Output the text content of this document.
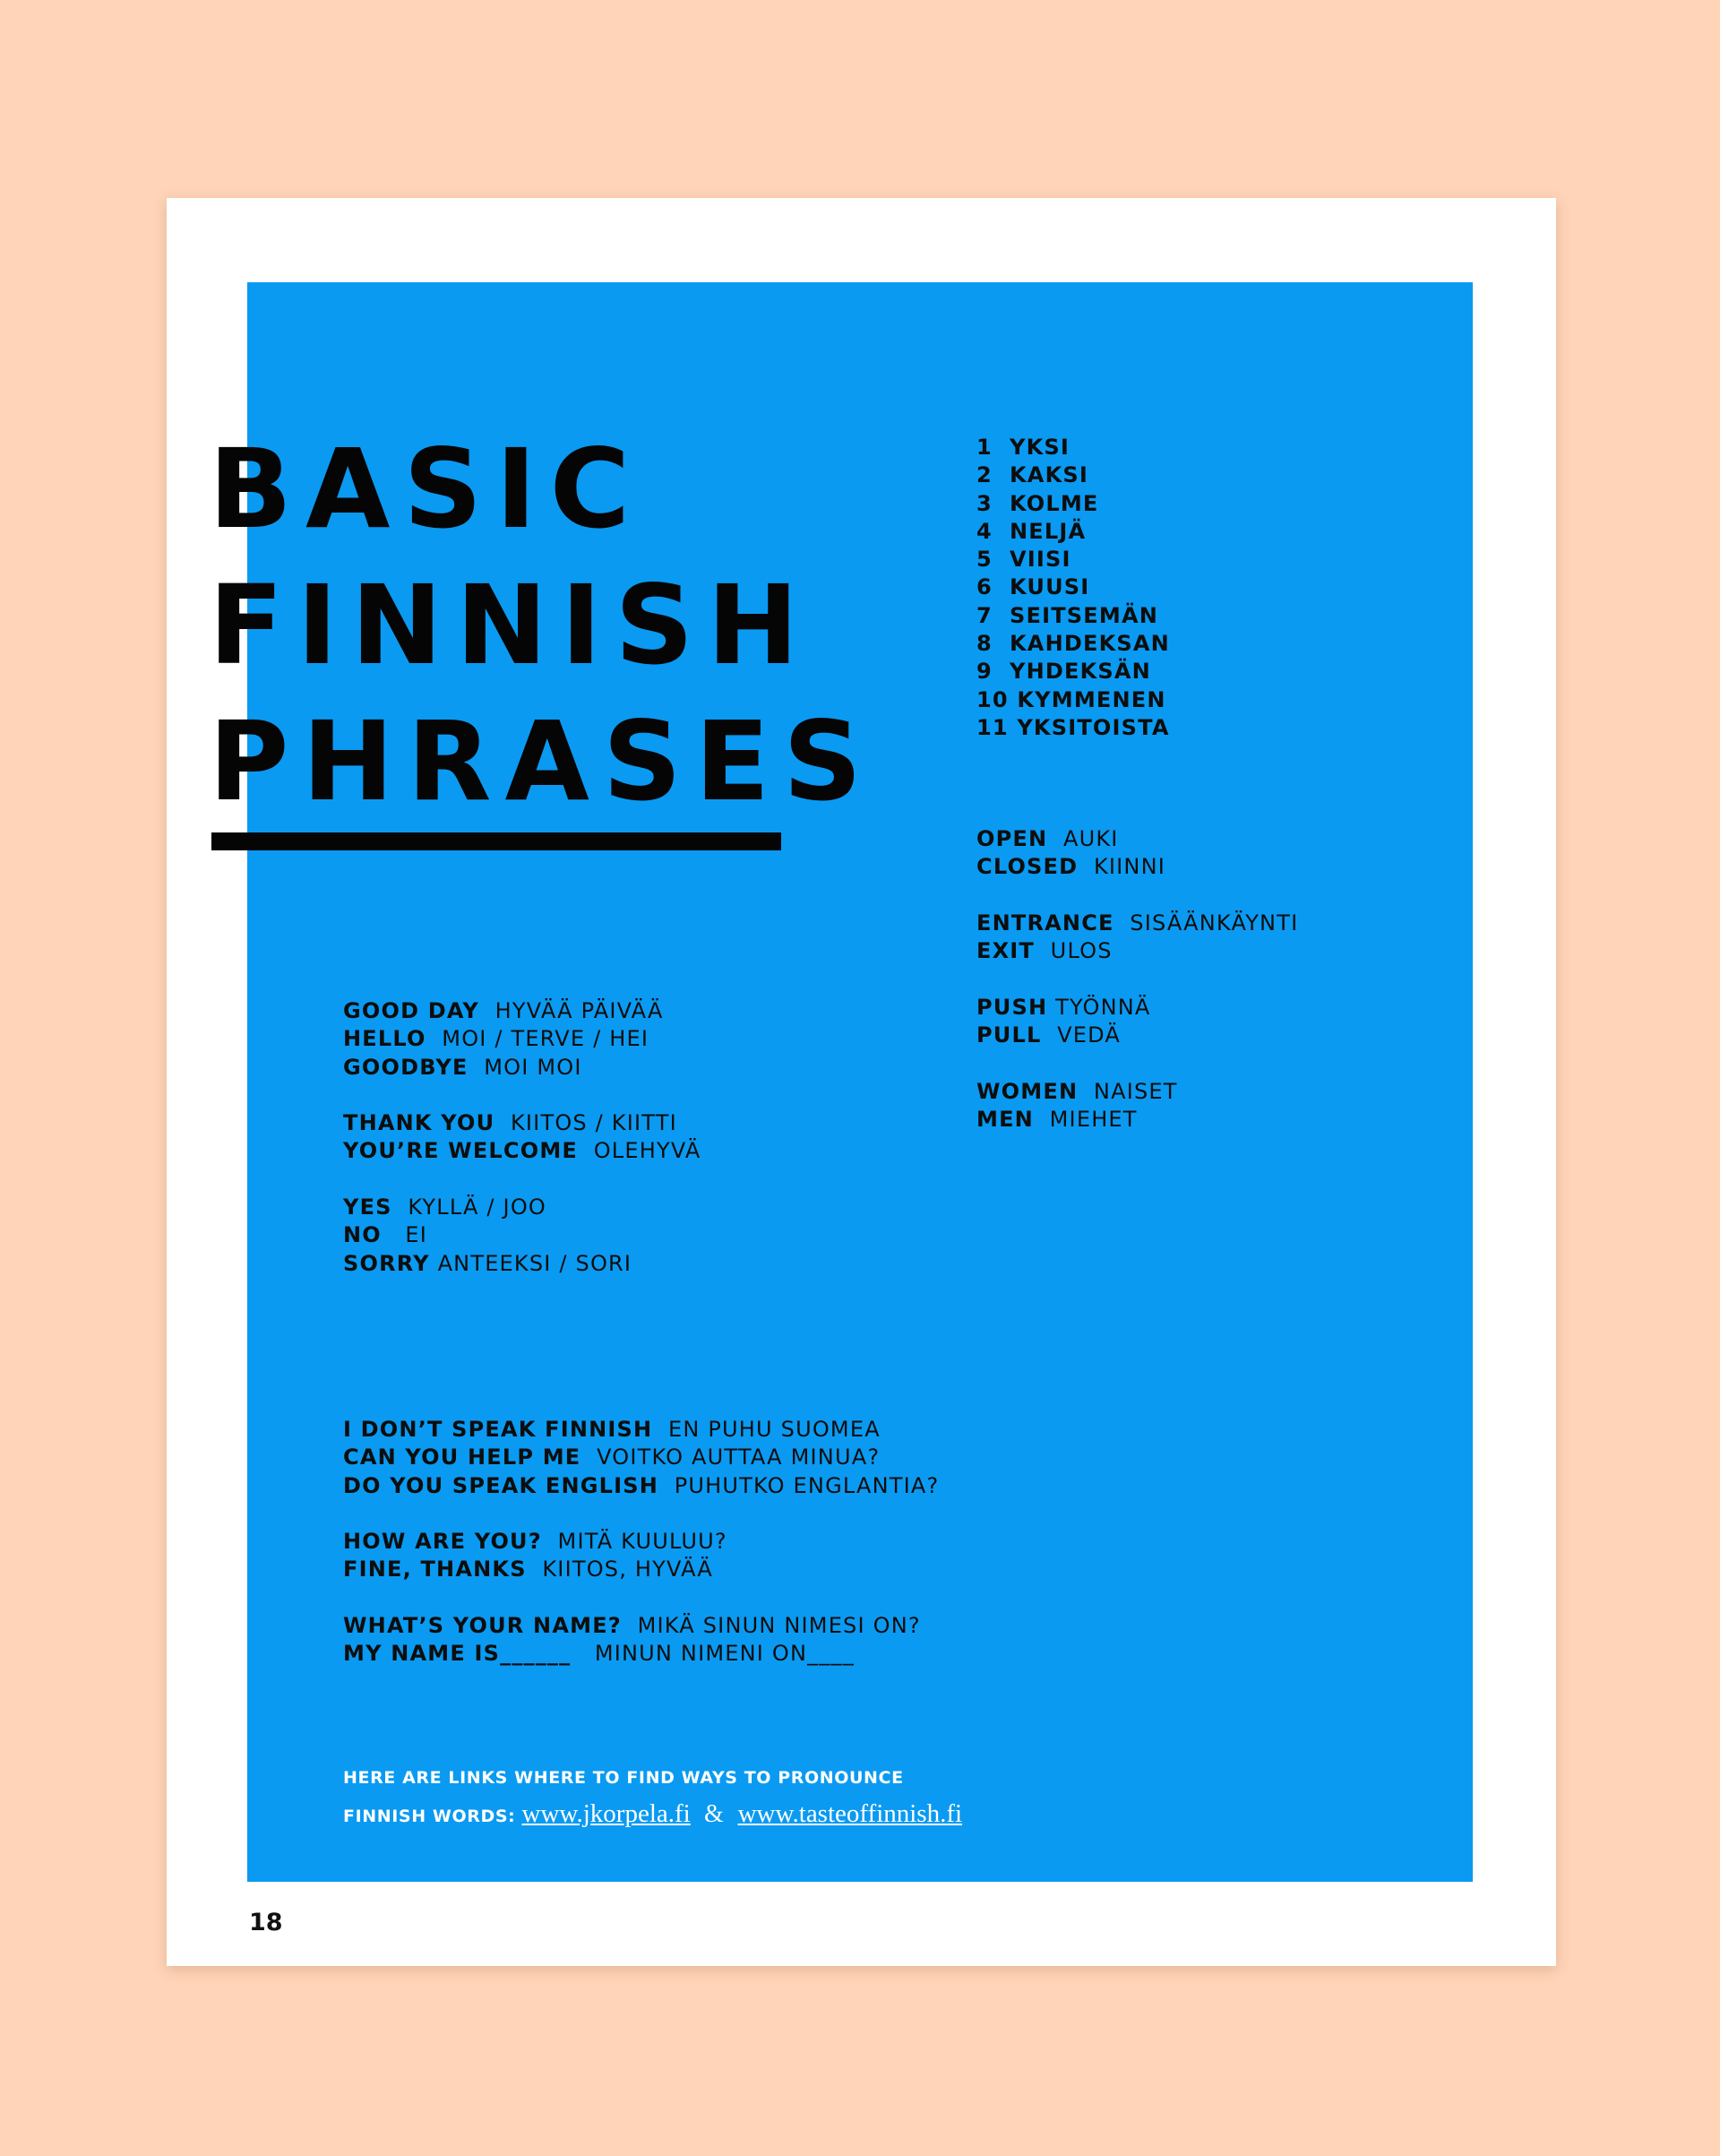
BASIC
FINNISH
PHRASES
1  YKSI
2  KAKSI
3  KOLME
4  NELJÄ
5  VIISI
6  KUUSI
7  SEITSEMÄN
8  KAHDEKSAN
9  YHDEKSÄN
10 KYMMENEN
11 YKSITOISTA
OPEN AUKI
CLOSED KIINNI
ENTRANCE SISÄÄNKÄYNTI
EXIT ULOS
PUSH TYÖNNÄ
PULL VEDÄ
WOMEN NAISET
MEN MIEHET
GOOD DAY HYVÄÄ PÄIVÄÄ
HELLO MOI / TERVE / HEI
GOODBYE MOI MOI
THANK YOU KIITOS / KIITTI
YOU’RE WELCOME OLEHYVÄ
YES KYLLÄ / JOO
NO EI
SORRY ANTEEKSI / SORI
I DON’T SPEAK FINNISH EN PUHU SUOMEA
CAN YOU HELP ME VOITKO AUTTAA MINUA?
DO YOU SPEAK ENGLISH PUHUTKO ENGLANTIA?
HOW ARE YOU? MITÄ KUULUU?
FINE, THANKS KIITOS, HYVÄÄ
WHAT’S YOUR NAME? MIKÄ SINUN NIMESI ON?
MY NAME IS______ MINUN NIMENI ON____
HERE ARE LINKS WHERE TO FIND WAYS TO PRONOUNCE
FINNISH WORDS: www.jkorpela.fi & www.tasteoffinnish.fi
18
